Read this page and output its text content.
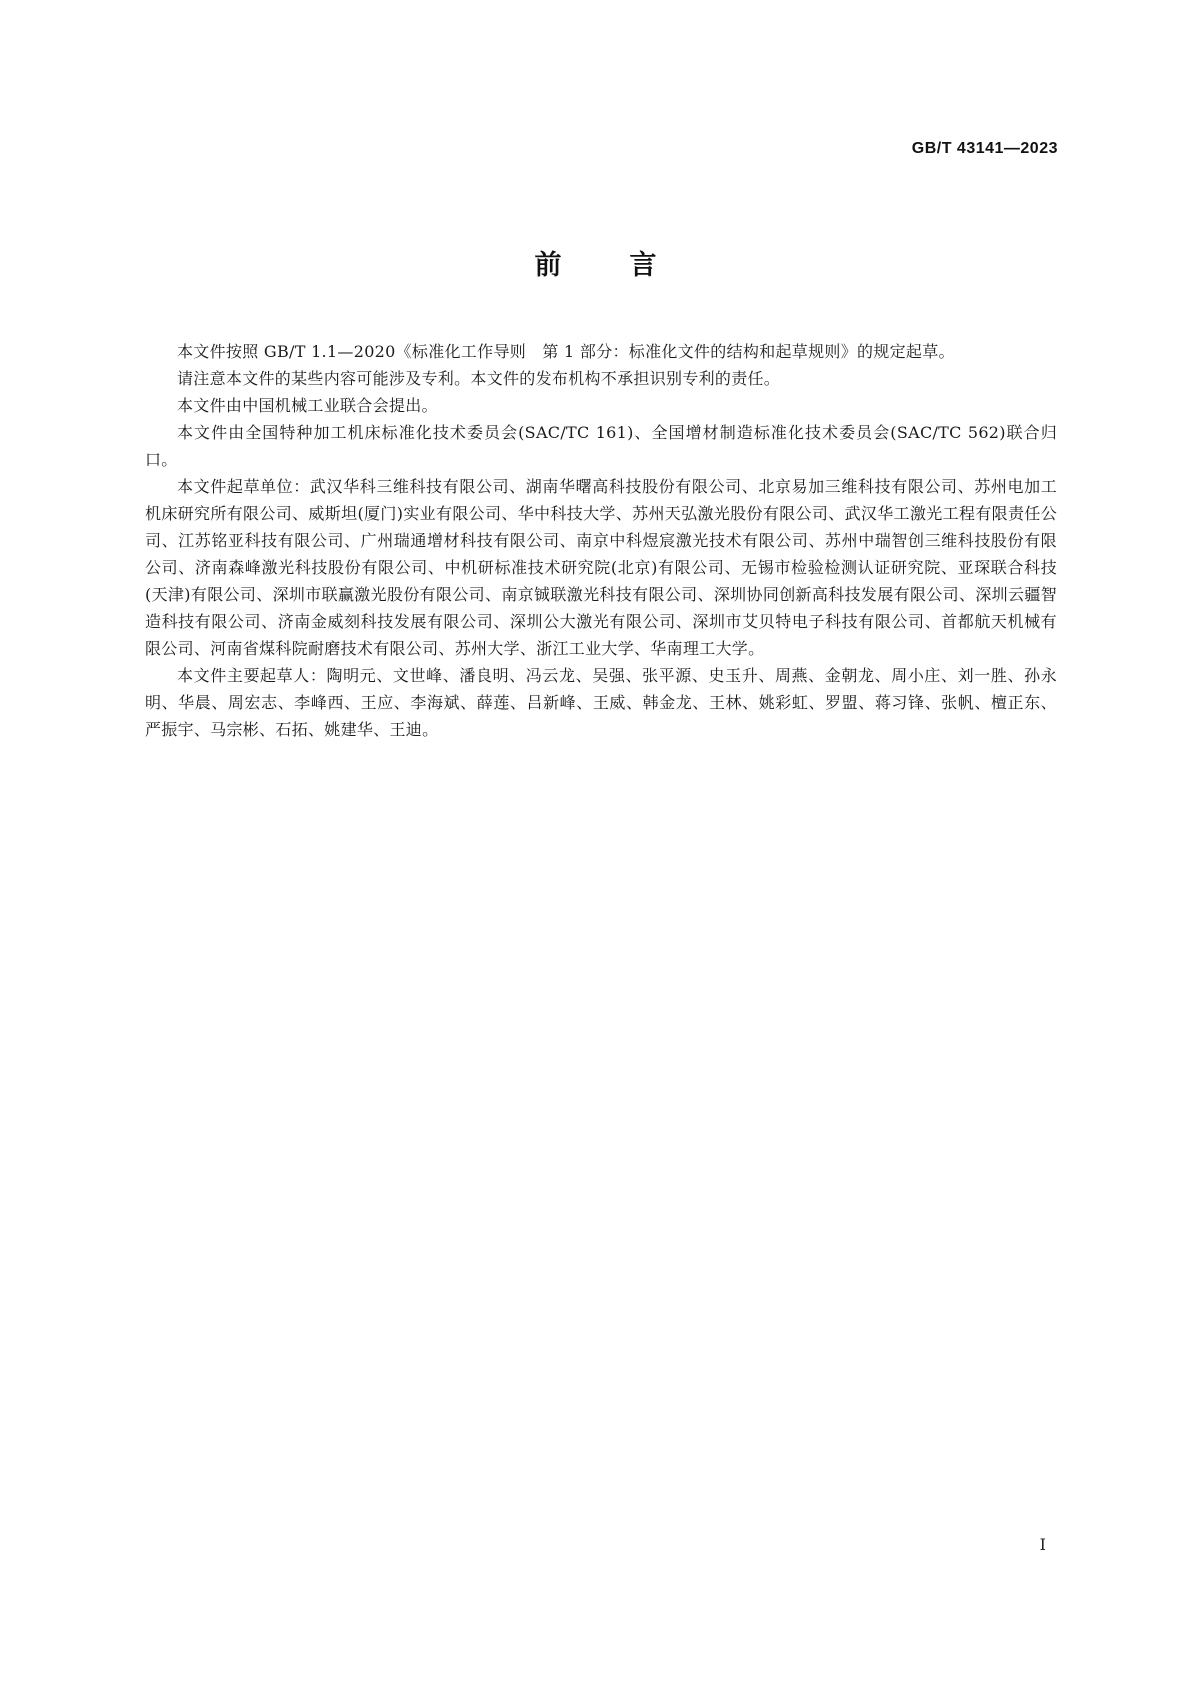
GB/T 43141—2023
前言

本文件按照 GB/T 1.1—2020《标准化工作导则　第 1 部分：标准化文件的结构和起草规则》的规定起草。

请注意本文件的某些内容可能涉及专利。本文件的发布机构不承担识别专利的责任。

本文件由中国机械工业联合会提出。

本文件由全国特种加工机床标准化技术委员会(SAC/TC 161)、全国增材制造标准化技术委员会(SAC/TC 562)联合归口。

本文件起草单位：武汉华科三维科技有限公司、湖南华曙高科技股份有限公司、北京易加三维科技有限公司、苏州电加工机床研究所有限公司、威斯坦(厦门)实业有限公司、华中科技大学、苏州天弘激光股份有限公司、武汉华工激光工程有限责任公司、江苏铭亚科技有限公司、广州瑞通增材科技有限公司、南京中科煜宸激光技术有限公司、苏州中瑞智创三维科技股份有限公司、济南森峰激光科技股份有限公司、中机研标准技术研究院(北京)有限公司、无锡市检验检测认证研究院、亚琛联合科技(天津)有限公司、深圳市联赢激光股份有限公司、南京铖联激光科技有限公司、深圳协同创新高科技发展有限公司、深圳云疆智造科技有限公司、济南金威刻科技发展有限公司、深圳公大激光有限公司、深圳市艾贝特电子科技有限公司、首都航天机械有限公司、河南省煤科院耐磨技术有限公司、苏州大学、浙江工业大学、华南理工大学。

本文件主要起草人：陶明元、文世峰、潘良明、冯云龙、吴强、张平源、史玉升、周燕、金朝龙、周小庄、刘一胜、孙永明、华晨、周宏志、李峰西、王应、李海斌、薛莲、吕新峰、王威、韩金龙、王林、姚彩虹、罗盟、蒋习锋、张帆、檀正东、严振宇、马宗彬、石拓、姚建华、王迪。

I
